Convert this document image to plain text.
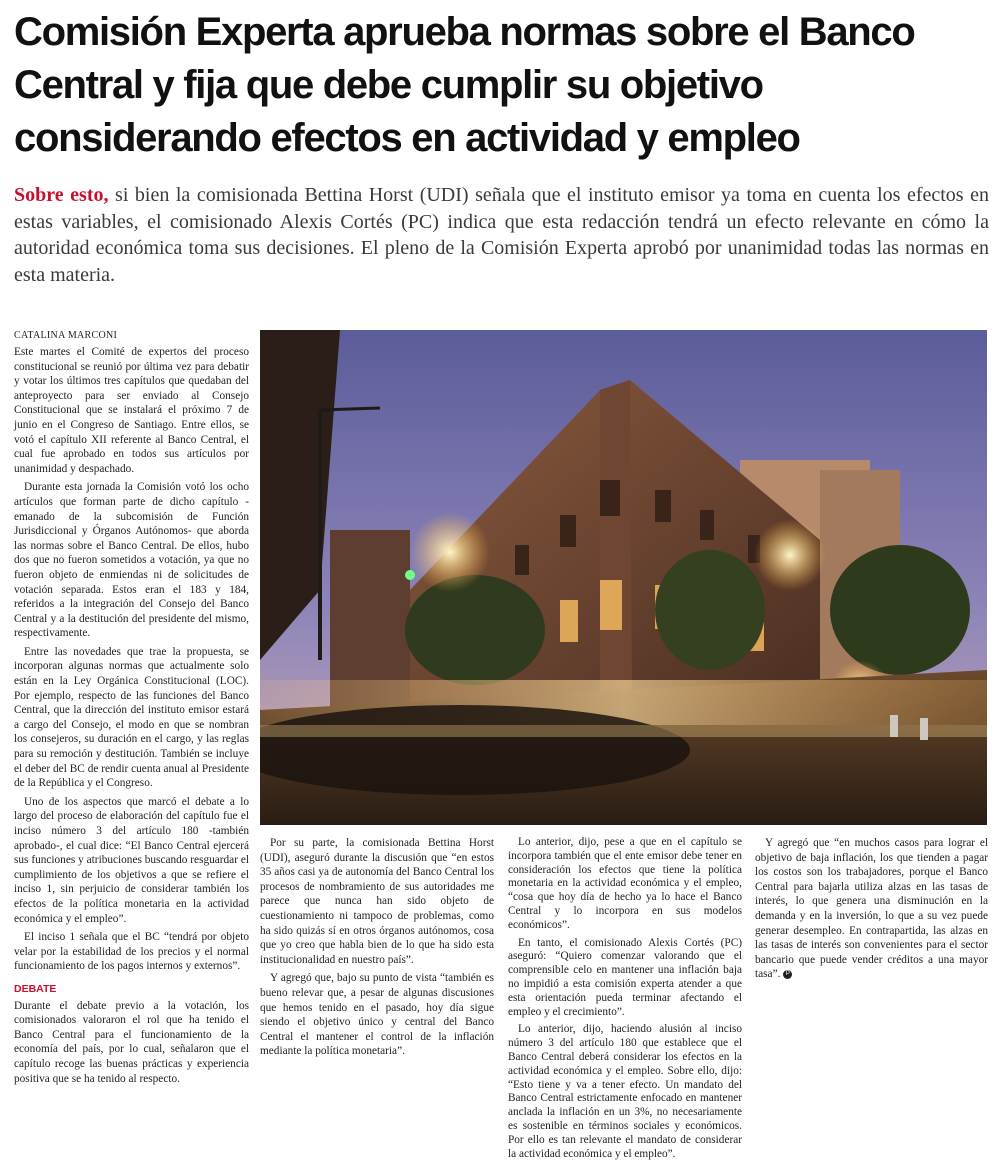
Comisión Experta aprueba normas sobre el Banco Central y fija que debe cumplir su objetivo considerando efectos en actividad y empleo

Sobre esto, si bien la comisionada Bettina Horst (UDI) señala que el instituto emisor ya toma en cuenta los efectos en estas variables, el comisionado Alexis Cortés (PC) indica que esta redacción tendrá un efecto relevante en cómo la autoridad económica toma sus decisiones. El pleno de la Comisión Experta aprobó por unanimidad todas las normas en esta materia.

CATALINA MARCONI

Este martes el Comité de expertos del proceso constitucional se reunió por última vez para debatir y votar los últimos tres capítulos que quedaban del anteproyecto para ser enviado al Consejo Constitucional que se instalará el próximo 7 de junio en el Congreso de Santiago. Entre ellos, se votó el capítulo XII referente al Banco Central, el cual fue aprobado en todos sus artículos por unanimidad y despachado.

Durante esta jornada la Comisión votó los ocho artículos que forman parte de dicho capítulo -emanado de la subcomisión de Función Jurisdiccional y Órganos Autónomos- que aborda las normas sobre el Banco Central. De ellos, hubo dos que no fueron sometidos a votación, ya que no fueron objeto de enmiendas ni de solicitudes de votación separada. Estos eran el 183 y 184, referidos a la integración del Consejo del Banco Central y a la destitución del presidente del mismo, respectivamente.

Entre las novedades que trae la propuesta, se incorporan algunas normas que actualmente solo están en la Ley Orgánica Constitucional (LOC). Por ejemplo, respecto de las funciones del Banco Central, que la dirección del instituto emisor estará a cargo del Consejo, el modo en que se nombran los consejeros, su duración en el cargo, y las reglas para su remoción y destitución. También se incluye el deber del BC de rendir cuenta anual al Presidente de la República y el Congreso.

Uno de los aspectos que marcó el debate a lo largo del proceso de elaboración del capítulo fue el inciso número 3 del artículo 180 -también aprobado-, el cual dice: “El Banco Central ejercerá sus funciones y atribuciones buscando resguardar el cumplimiento de los objetivos a que se refiere el inciso 1, sin perjuicio de considerar también los efectos de la política monetaria en la actividad económica y el empleo”.

El inciso 1 señala que el BC “tendrá por objeto velar por la estabilidad de los precios y el normal funcionamiento de los pagos internos y externos”.

DEBATE

Durante el debate previo a la votación, los comisionados valoraron el rol que ha tenido el Banco Central para el funcionamiento de la economía del país, por lo cual, señalaron que el capítulo recoge las buenas prácticas y experiencia positiva que se ha tenido al respecto.

Por su parte, la comisionada Bettina Horst (UDI), aseguró durante la discusión que “en estos 35 años casi ya de autonomía del Banco Central los procesos de nombramiento de sus autoridades me parece que nunca han sido objeto de cuestionamiento ni tampoco de problemas, como ha sido quizás sí en otros órganos autónomos, cosa que yo creo que habla bien de lo que ha sido esta institucionalidad en nuestro país”.

Y agregó que, bajo su punto de vista “también es bueno relevar que, a pesar de algunas discusiones que hemos tenido en el pasado, hoy día sigue siendo el objetivo único y central del Banco Central el mantener el control de la inflación mediante la política monetaria”.

Lo anterior, dijo, pese a que en el capítulo se incorpora también que el ente emisor debe tener en consideración los efectos que tiene la política monetaria en la actividad económica y el empleo, “cosa que hoy día de hecho ya lo hace el Banco Central y lo incorpora en sus modelos económicos”.

En tanto, el comisionado Alexis Cortés (PC) aseguró: “Quiero comenzar valorando que el comprensible celo en mantener una inflación baja no impidió a esta comisión experta atender a que esta orientación pueda terminar afectando el empleo y el crecimiento”.

Lo anterior, dijo, haciendo alusión al inciso número 3 del artículo 180 que establece que el Banco Central deberá considerar los efectos en la actividad económica y el empleo. Sobre ello, dijo: “Esto tiene y va a tener efecto. Un mandato del Banco Central estrictamente enfocado en mantener anclada la inflación en un 3%, no necesariamente es sostenible en términos sociales y económicos. Por ello es tan relevante el mandato de considerar la actividad económica y el empleo”.

Y agregó que “en muchos casos para lograr el objetivo de baja inflación, los que tienden a pagar los costos son los trabajadores, porque el Banco Central para bajarla utiliza alzas en las tasas de interés, lo que genera una disminución en la demanda y en la inversión, lo que a su vez puede generar desempleo. En contrapartida, las alzas en las tasas de interés son convenientes para el sector bancario que puede vender créditos a una mayor tasa”. P
